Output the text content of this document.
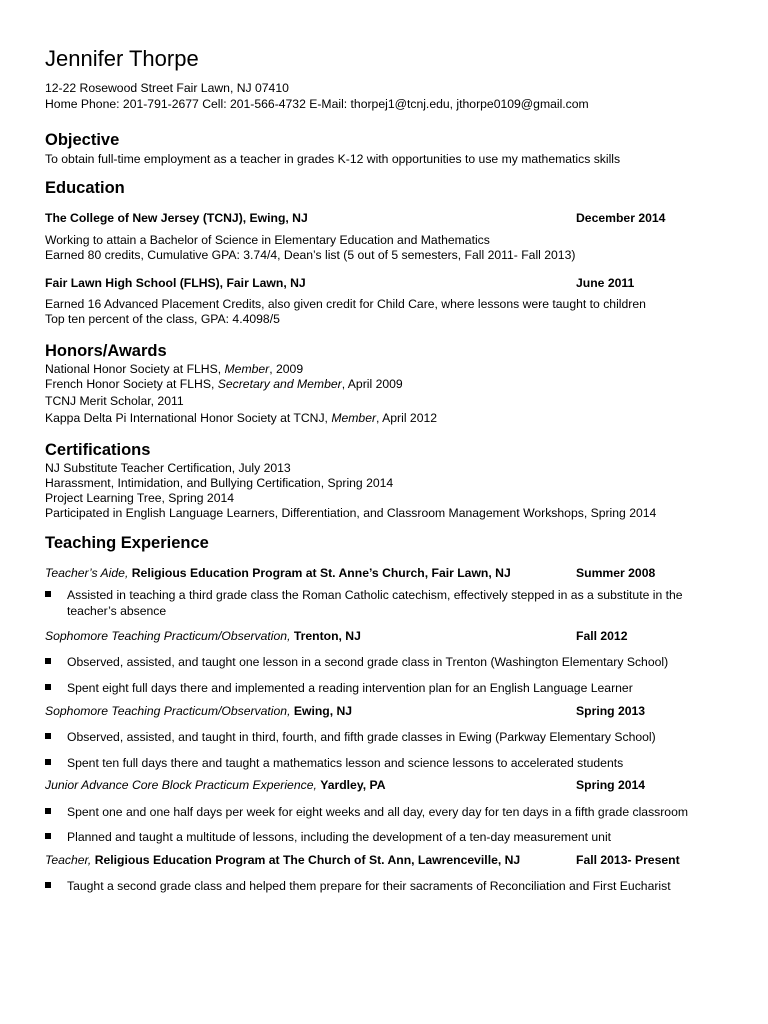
Jennifer Thorpe
12-22 Rosewood Street Fair Lawn, NJ 07410
Home Phone: 201-791-2677 Cell: 201-566-4732 E-Mail: thorpej1@tcnj.edu, jthorpe0109@gmail.com
Objective
To obtain full-time employment as a teacher in grades K-12 with opportunities to use my mathematics skills
Education
The College of New Jersey (TCNJ), Ewing, NJ	December 2014
Working to attain a Bachelor of Science in Elementary Education and Mathematics
Earned 80 credits, Cumulative GPA: 3.74/4, Dean’s list (5 out of 5 semesters, Fall 2011- Fall 2013)
Fair Lawn High School (FLHS), Fair Lawn, NJ	June 2011
Earned 16 Advanced Placement Credits, also given credit for Child Care, where lessons were taught to children
Top ten percent of the class, GPA: 4.4098/5
Honors/Awards
National Honor Society at FLHS, Member, 2009
French Honor Society at FLHS, Secretary and Member, April 2009
TCNJ Merit Scholar, 2011
Kappa Delta Pi International Honor Society at TCNJ, Member, April 2012
Certifications
NJ Substitute Teacher Certification, July 2013
Harassment, Intimidation, and Bullying Certification, Spring 2014
Project Learning Tree, Spring 2014
Participated in English Language Learners, Differentiation, and Classroom Management Workshops, Spring 2014
Teaching Experience
Teacher’s Aide, Religious Education Program at St. Anne’s Church, Fair Lawn, NJ	Summer 2008
Assisted in teaching a third grade class the Roman Catholic catechism, effectively stepped in as a substitute in the teacher’s absence
Sophomore Teaching Practicum/Observation, Trenton, NJ	Fall 2012
Observed, assisted, and taught one lesson in a second grade class in Trenton (Washington Elementary School)
Spent eight full days there and implemented a reading intervention plan for an English Language Learner
Sophomore Teaching Practicum/Observation, Ewing, NJ	Spring 2013
Observed, assisted, and taught in third, fourth, and fifth grade classes in Ewing (Parkway Elementary School)
Spent ten full days there and taught a mathematics lesson and science lessons to accelerated students
Junior Advance Core Block Practicum Experience, Yardley, PA	Spring 2014
Spent one and one half days per week for eight weeks and all day, every day for ten days in a fifth grade classroom
Planned and taught a multitude of lessons, including the development of a ten-day measurement unit
Teacher, Religious Education Program at The Church of St. Ann, Lawrenceville, NJ	Fall 2013- Present
Taught a second grade class and helped them prepare for their sacraments of Reconciliation and First Eucharist
